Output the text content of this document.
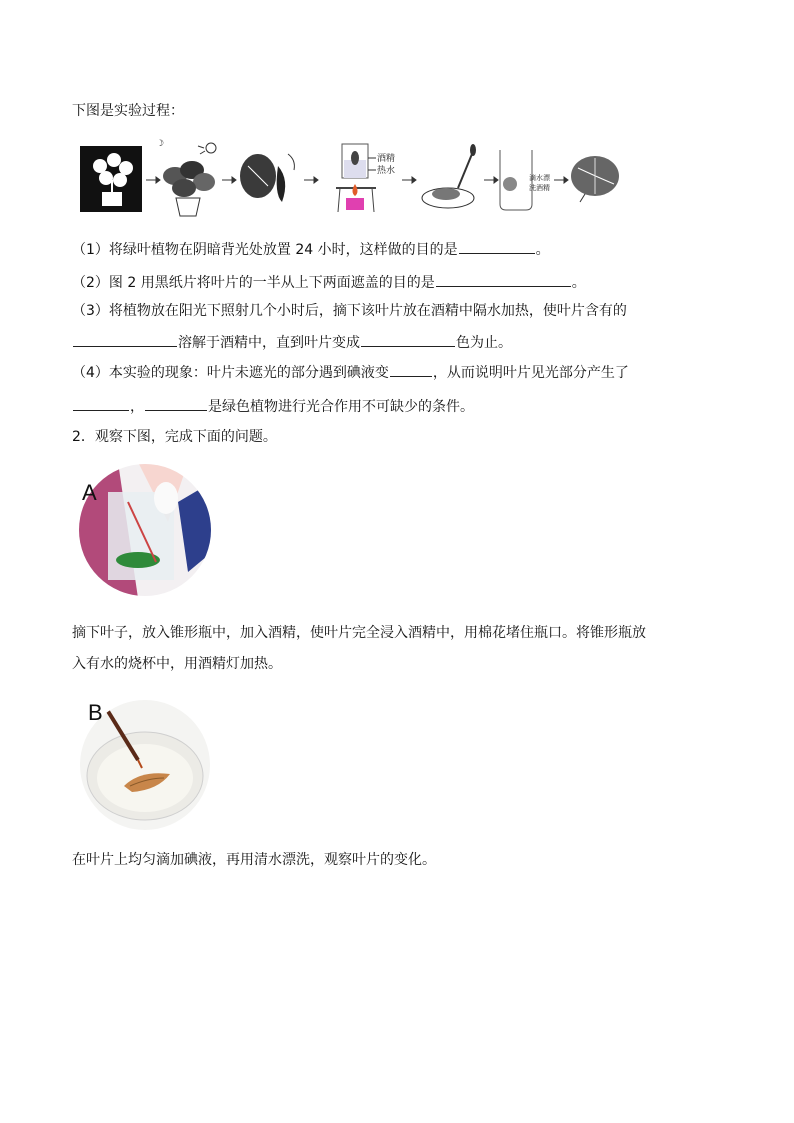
下图是实验过程：
☽
酒精
热水
滴水漂
洗酒精
（1）将绿叶植物在阴暗背光处放置 24 小时，这样做的目的是	。
（2）图 2 用黑纸片将叶片的一半从上下两面遮盖的目的是	。
（3）将植物放在阳光下照射几个小时后，摘下该叶片放在酒精中隔水加热，使叶片含有的
溶解于酒精中，直到叶片变成	色为止。
（4）本实验的现象：叶片未遮光的部分遇到碘液变	，从而说明叶片见光部分产生了
，	是绿色植物进行光合作用不可缺少的条件。
2．观察下图，完成下面的问题。
A
摘下叶子，放入锥形瓶中，加入酒精，使叶片完全浸入酒精中，用棉花堵住瓶口。将锥形瓶放
入有水的烧杯中，用酒精灯加热。
B
在叶片上均匀滴加碘液，再用清水漂洗，观察叶片的变化。
